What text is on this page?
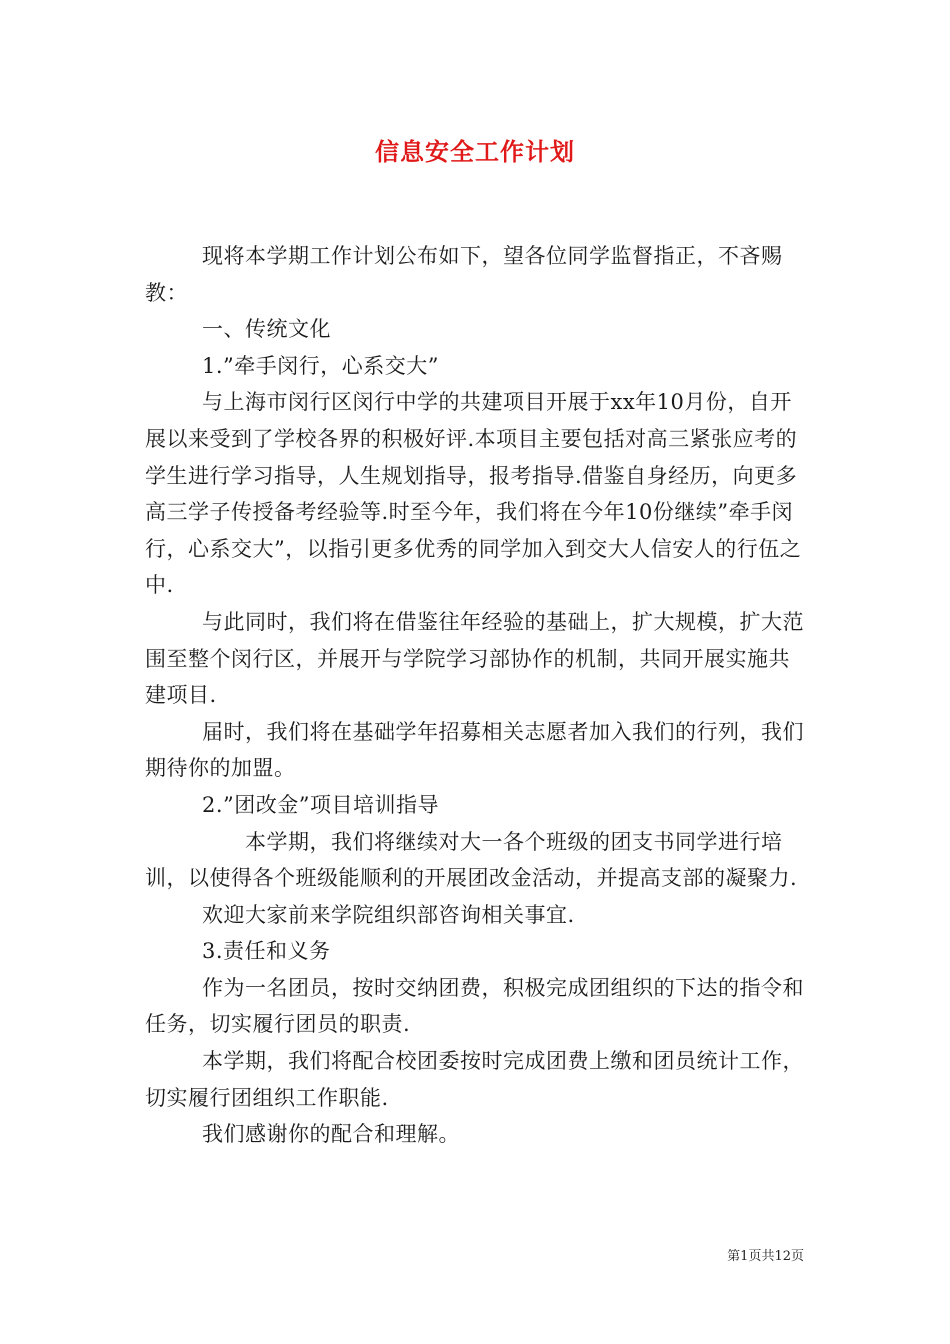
信息安全工作计划

现将本学期工作计划公布如下，望各位同学监督指正，不吝赐教：

一、传统文化

1.”牵手闵行，心系交大”

与上海市闵行区闵行中学的共建项目开展于xx年10月份，自开展以来受到了学校各界的积极好评.本项目主要包括对高三紧张应考的学生进行学习指导，人生规划指导，报考指导.借鉴自身经历，向更多高三学子传授备考经验等.时至今年，我们将在今年10份继续”牵手闵行，心系交大”，以指引更多优秀的同学加入到交大人信安人的行伍之中.

与此同时，我们将在借鉴往年经验的基础上，扩大规模，扩大范围至整个闵行区，并展开与学院学习部协作的机制，共同开展实施共建项目.

届时，我们将在基础学年招募相关志愿者加入我们的行列，我们期待你的加盟。

2.”团改金”项目培训指导

本学期，我们将继续对大一各个班级的团支书同学进行培训，以使得各个班级能顺利的开展团改金活动，并提高支部的凝聚力.

欢迎大家前来学院组织部咨询相关事宜.

3.责任和义务

作为一名团员，按时交纳团费，积极完成团组织的下达的指令和任务，切实履行团员的职责.

本学期，我们将配合校团委按时完成团费上缴和团员统计工作，切实履行团组织工作职能.

我们感谢你的配合和理解。

第1页共12页
